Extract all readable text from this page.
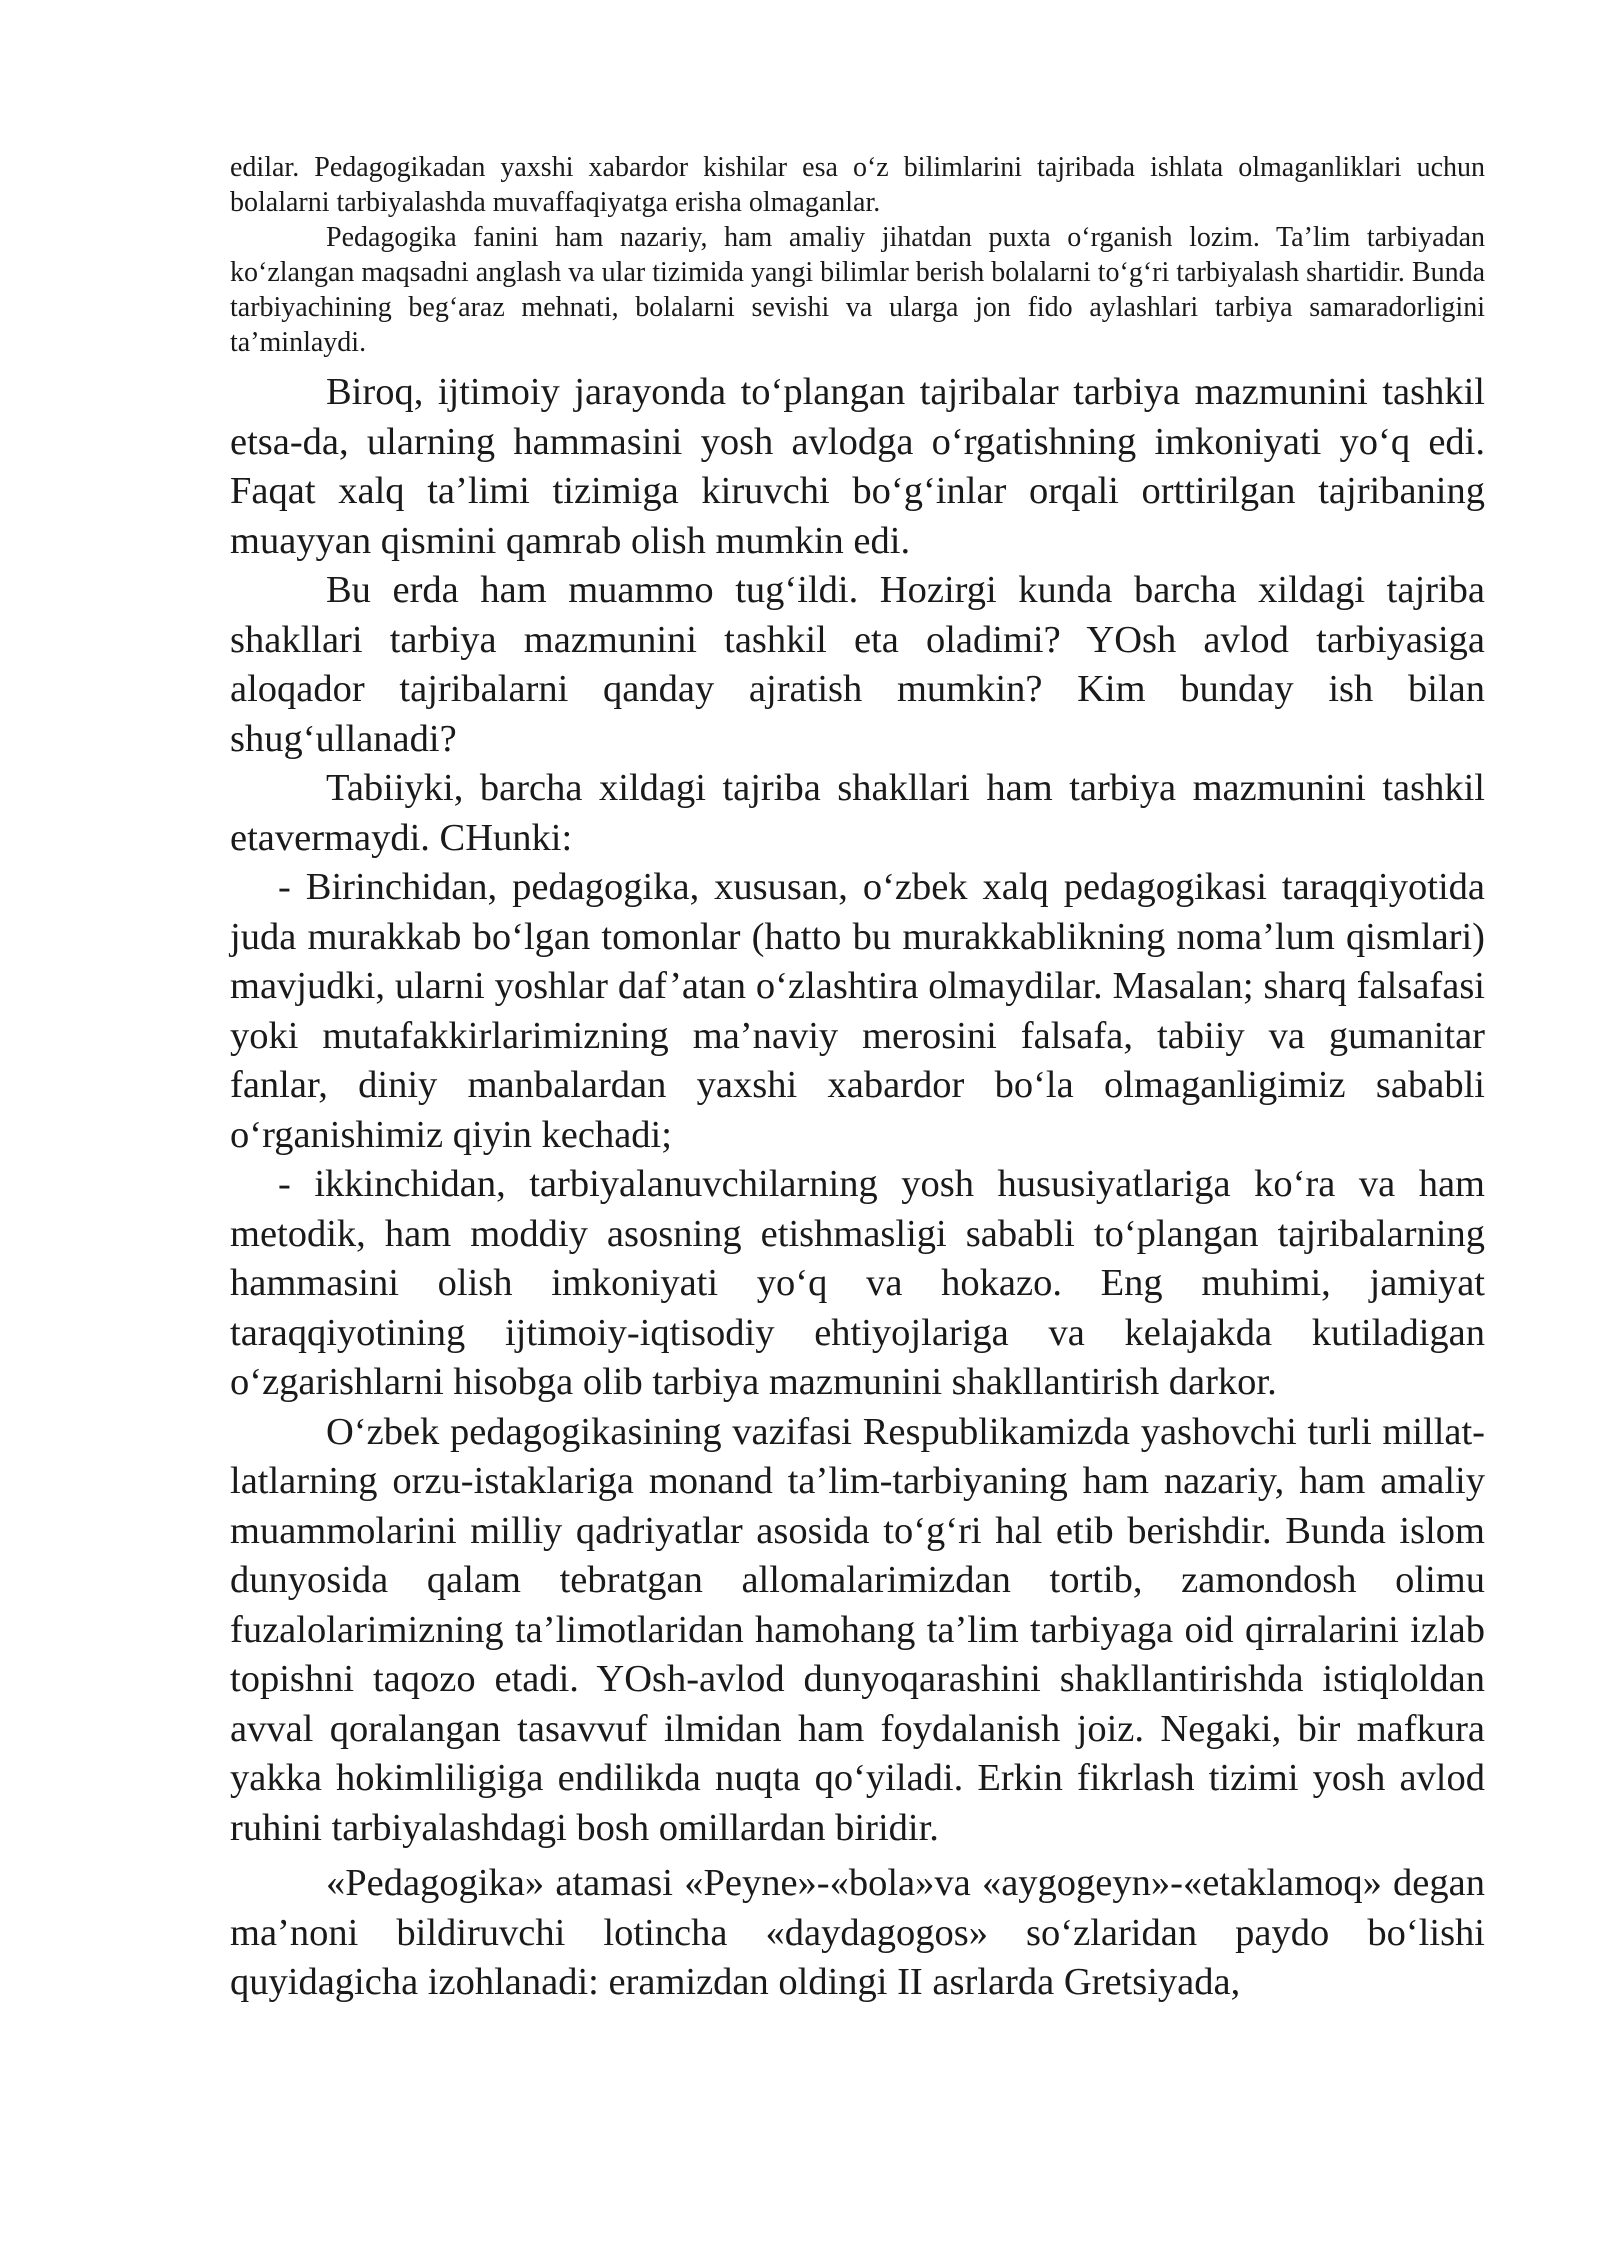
edilar. Pedagogikadan yaxshi xabardor kishilar esa o‘z bilimlarini tajribada ishlata olmaganliklari uchun bolalarni tarbiyalashda muvaffaqiyatga erisha olmaganlar.

Pedagogika fanini ham nazariy, ham amaliy jihatdan puxta o‘rganish lozim. Ta’lim tarbiyadan ko‘zlangan maqsadni anglash va ular tizimida yangi bilimlar berish bolalarni to‘g‘ri tarbiyalash shartidir. Bunda tarbiyachining beg‘araz mehnati, bolalarni sevishi va ularga jon fido aylashlari tarbiya samaradorligini ta’minlaydi.

Biroq, ijtimoiy jarayonda to‘plangan tajribalar tarbiya mazmunini tashkil etsa-da, ularning hammasini yosh avlodga o‘rgatishning imkoniyati yo‘q edi. Faqat xalq ta’limi tizimiga kiruvchi bo‘g‘inlar orqali orttirilgan tajribaning muayyan qismini qamrab olish mumkin edi.

Bu erda ham muammo tug‘ildi. Hozirgi kunda barcha xildagi tajriba shakllari tarbiya mazmunini tashkil eta oladimi? YOsh avlod tarbiyasiga aloqador tajribalarni qanday ajratish mumkin? Kim bunday ish bilan shug‘ullanadi?

Tabiiyki, barcha xildagi tajriba shakllari ham tarbiya mazmunini tashkil etavermaydi. CHunki:

- Birinchidan, pedagogika, xususan, o‘zbek xalq pedagogikasi taraqqiyotida juda murakkab bo‘lgan tomonlar (hatto bu murakkablikning noma’lum qismlari) mavjudki, ularni yoshlar daf’atan o‘zlashtira olmaydilar. Masalan; sharq falsafasi yoki mutafakkirlarimizning ma’naviy merosini falsafa, tabiiy va gumanitar fanlar, diniy manbalardan yaxshi xabardor bo‘la olmaganligimiz sababli o‘rganishimiz qiyin kechadi;

- ikkinchidan, tarbiyalanuvchilarning yosh hususiyatlariga ko‘ra va ham metodik, ham moddiy asosning etishmasligi sababli to‘plangan tajribalarning hammasini olish imkoniyati yo‘q va hokazo. Eng muhimi, jamiyat taraqqiyotining ijtimoiy-iqtisodiy ehtiyojlariga va kelajakda kutiladigan o‘zgarishlarni hisobga olib tarbiya mazmunini shakllantirish darkor.

O‘zbek pedagogikasining vazifasi Respublikamizda yashovchi turli millat-latlarning orzu-istaklariga monand ta’lim-tarbiyaning ham nazariy, ham amaliy muammolarini milliy qadriyatlar asosida to‘g‘ri hal etib berishdir. Bunda islom dunyosida qalam tebratgan allomalarimizdan tortib, zamondosh olimu fuzalolarimizning ta’limotlaridan hamohang ta’lim tarbiyaga oid qirralarini izlab topishni taqozo etadi. YOsh-avlod dunyoqarashini shakllantirishda istiqloldan avval qoralangan tasavvuf ilmidan ham foydalanish joiz. Negaki, bir mafkura yakka hokimliligiga endilikda nuqta qo‘yiladi. Erkin fikrlash tizimi yosh avlod ruhini tarbiyalashdagi bosh omillardan biridir.

«Pedagogika» atamasi «Peyne»-«bola»va «aygogeyn»-«etaklamoq» degan ma’noni bildiruvchi lotincha «daydagogos» so‘zlaridan paydo bo‘lishi quyidagicha izohlanadi: eramizdan oldingi II asrlarda Gretsiyada,
